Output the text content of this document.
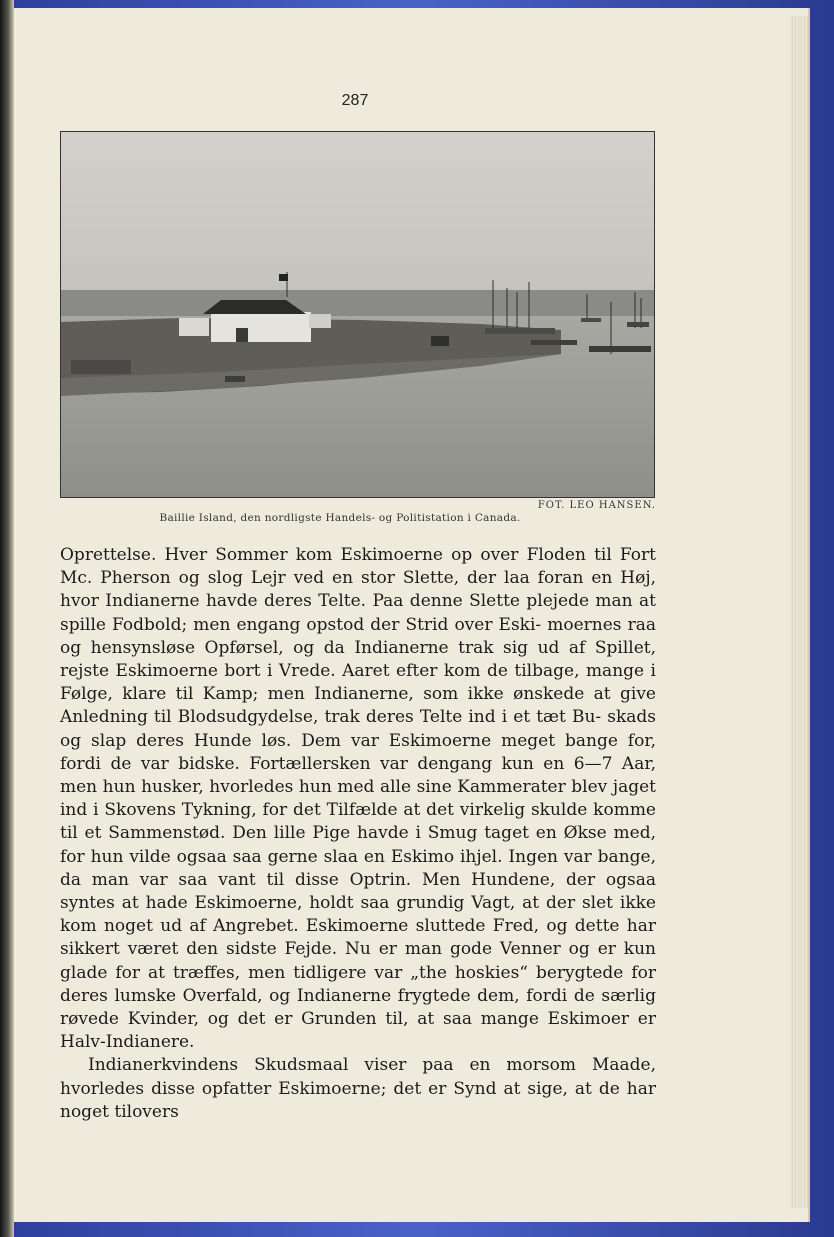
287
FOT. LEO HANSEN.
Baillie Island, den nordligste Handels- og Politistation i Canada.

Oprettelse. Hver Sommer kom Eskimoerne op over Floden til Fort Mc. Pherson og slog Lejr ved en stor Slette, der laa foran en Høj, hvor Indianerne havde deres Telte. Paa denne Slette plejede man at spille Fodbold; men engang opstod der Strid over Eski- moernes raa og hensynsløse Opførsel, og da Indianerne trak sig ud af Spillet, rejste Eskimoerne bort i Vrede. Aaret efter kom de tilbage, mange i Følge, klare til Kamp; men Indianerne, som ikke ønskede at give Anledning til Blodsudgydelse, trak deres Telte ind i et tæt Bu- skads og slap deres Hunde løs. Dem var Eskimoerne meget bange for, fordi de var bidske. Fortællersken var dengang kun en 6—7 Aar, men hun husker, hvorledes hun med alle sine Kammerater blev jaget ind i Skovens Tykning, for det Tilfælde at det virkelig skulde komme til et Sammenstød. Den lille Pige havde i Smug taget en Økse med, for hun vilde ogsaa saa gerne slaa en Eskimo ihjel. Ingen var bange, da man var saa vant til disse Optrin. Men Hundene, der ogsaa syntes at hade Eskimoerne, holdt saa grundig Vagt, at der slet ikke kom noget ud af Angrebet. Eskimoerne sluttede Fred, og dette har sikkert været den sidste Fejde. Nu er man gode Venner og er kun glade for at træffes, men tidligere var „the hoskies“ berygtede for deres lumske Overfald, og Indianerne frygtede dem, fordi de særlig røvede Kvinder, og det er Grunden til, at saa mange Eskimoer er Halv-Indianere.

Indianerkvindens Skudsmaal viser paa en morsom Maade, hvorledes disse opfatter Eskimoerne; det er Synd at sige, at de har noget tilovers
